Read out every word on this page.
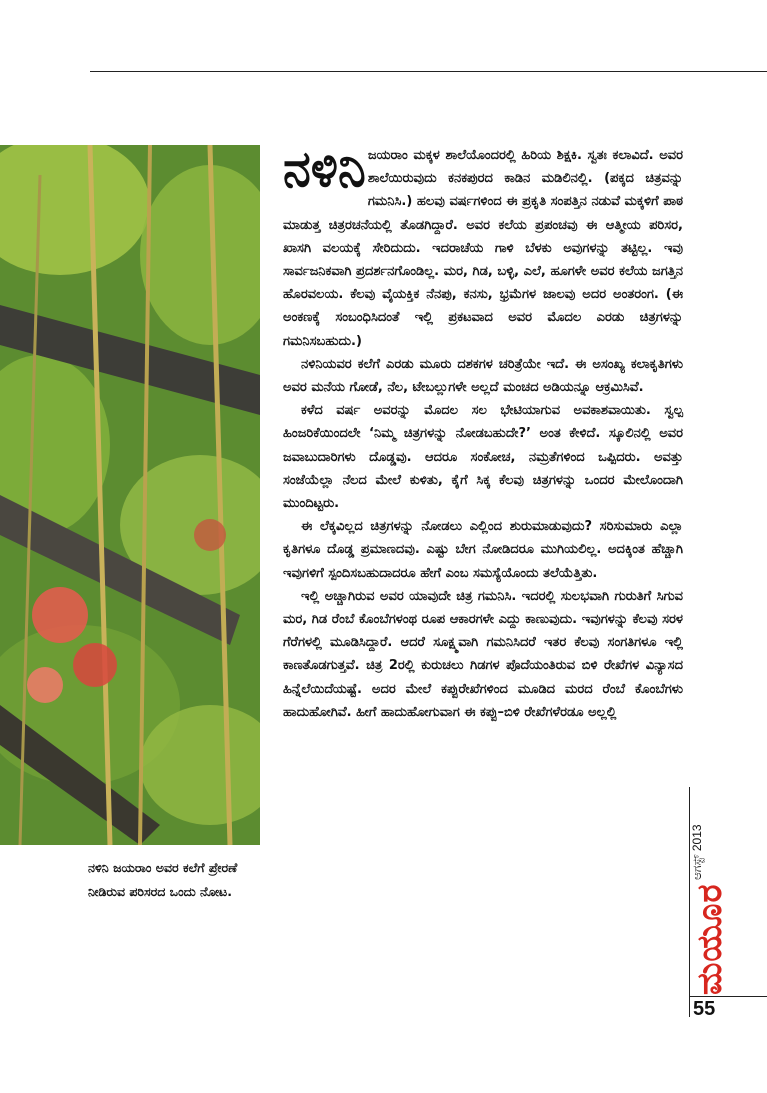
ನಳಿನಿ ಜಯರಾಂ ಅವರ ಕಲೆಗೆ ಪ್ರೇರಣೆ ನೀಡಿರುವ ಪರಿಸರದ ಒಂದು ನೋಟ.
ನಳಿನಿ ಜಯರಾಂ ಮಕ್ಕಳ ಶಾಲೆಯೊಂದರಲ್ಲಿ ಹಿರಿಯ ಶಿಕ್ಷಕಿ. ಸ್ವತಃ ಕಲಾವಿದೆ. ಅವರ ಶಾಲೆಯಿರುವುದು ಕನಕಪುರದ ಕಾಡಿನ ಮಡಿಲಿನಲ್ಲಿ. (ಪಕ್ಕದ ಚಿತ್ರವನ್ನು ಗಮನಿಸಿ.) ಹಲವು ವರ್ಷಗಳಿಂದ ಈ ಪ್ರಕೃತಿ ಸಂಪತ್ತಿನ ನಡುವೆ ಮಕ್ಕಳಿಗೆ ಪಾಠ ಮಾಡುತ್ತ ಚಿತ್ರರಚನೆಯಲ್ಲಿ ತೊಡಗಿದ್ದಾರೆ. ಅವರ ಕಲೆಯ ಪ್ರಪಂಚವು ಈ ಆತ್ಮೀಯ ಪರಿಸರ, ಖಾಸಗಿ ವಲಯಕ್ಕೆ ಸೇರಿದುದು. ಇದರಾಚೆಯ ಗಾಳಿ ಬೆಳಕು ಅವುಗಳನ್ನು ತಟ್ಟಿಲ್ಲ. ಇವು ಸಾರ್ವಜನಿಕವಾಗಿ ಪ್ರದರ್ಶನಗೊಂಡಿಲ್ಲ. ಮರ, ಗಿಡ, ಬಳ್ಳಿ, ಎಲೆ, ಹೂಗಳೇ ಅವರ ಕಲೆಯ ಜಗತ್ತಿನ ಹೊರವಲಯ. ಕೆಲವು ವೈಯಕ್ತಿಕ ನೆನಪು, ಕನಸು, ಭ್ರಮೆಗಳ ಜಾಲವು ಅದರ ಅಂತರಂಗ. (ಈ ಅಂಕಣಕ್ಕೆ ಸಂಬಂಧಿಸಿದಂತೆ ಇಲ್ಲಿ ಪ್ರಕಟವಾದ ಅವರ ಮೊದಲ ಎರಡು ಚಿತ್ರಗಳನ್ನು ಗಮನಿಸಬಹುದು.)

ನಳಿನಿಯವರ ಕಲೆಗೆ ಎರಡು ಮೂರು ದಶಕಗಳ ಚರಿತ್ರೆಯೇ ಇದೆ. ಈ ಅಸಂಖ್ಯ ಕಲಾಕೃತಿಗಳು ಅವರ ಮನೆಯ ಗೋಡೆ, ನೆಲ, ಟೇಬಲ್ಲುಗಳೇ ಅಲ್ಲದೆ ಮಂಚದ ಅಡಿಯನ್ನೂ ಆಕ್ರಮಿಸಿವೆ.

ಕಳೆದ ವರ್ಷ ಅವರನ್ನು ಮೊದಲ ಸಲ ಭೇಟಿಯಾಗುವ ಅವಕಾಶವಾಯಿತು. ಸ್ವಲ್ಪ ಹಿಂಜರಿಕೆಯಿಂದಲೇ ‘ನಿಮ್ಮ ಚಿತ್ರಗಳನ್ನು ನೋಡಬಹುದೇ?’ ಅಂತ ಕೇಳಿದೆ. ಸ್ಕೂಲಿನಲ್ಲಿ ಅವರ ಜವಾಬುದಾರಿಗಳು ದೊಡ್ಡವು. ಆದರೂ ಸಂಕೋಚ, ನಮ್ರತೆಗಳಿಂದ ಒಪ್ಪಿದರು. ಅವತ್ತು ಸಂಜೆಯೆಲ್ಲಾ ನೆಲದ ಮೇಲೆ ಕುಳಿತು, ಕೈಗೆ ಸಿಕ್ಕ ಕೆಲವು ಚಿತ್ರಗಳನ್ನು ಒಂದರ ಮೇಲೊಂದಾಗಿ ಮುಂದಿಟ್ಟರು.

ಈ ಲೆಕ್ಕವಿಲ್ಲದ ಚಿತ್ರಗಳನ್ನು ನೋಡಲು ಎಲ್ಲಿಂದ ಶುರುಮಾಡುವುದು? ಸರಿಸುಮಾರು ಎಲ್ಲಾ ಕೃತಿಗಳೂ ದೊಡ್ಡ ಪ್ರಮಾಣದವು. ಎಷ್ಟು ಬೇಗ ನೋಡಿದರೂ ಮುಗಿಯಲಿಲ್ಲ. ಅದಕ್ಕಿಂತ ಹೆಚ್ಚಾಗಿ ಇವುಗಳಿಗೆ ಸ್ಪಂದಿಸಬಹುದಾದರೂ ಹೇಗೆ ಎಂಬ ಸಮಸ್ಯೆಯೊಂದು ತಲೆಯೆತ್ತಿತು.

ಇಲ್ಲಿ ಅಚ್ಚಾಗಿರುವ ಅವರ ಯಾವುದೇ ಚಿತ್ರ ಗಮನಿಸಿ. ಇದರಲ್ಲಿ ಸುಲಭವಾಗಿ ಗುರುತಿಗೆ ಸಿಗುವ ಮರ, ಗಿಡ ರೆಂಬೆ ಕೊಂಬೆಗಳಂಥ ರೂಪ ಆಕಾರಗಳೇ ಎದ್ದು ಕಾಣುವುದು. ಇವುಗಳನ್ನು ಕೆಲವು ಸರಳ ಗೆರೆಗಳಲ್ಲಿ ಮೂಡಿಸಿದ್ದಾರೆ. ಆದರೆ ಸೂಕ್ಷ್ಮವಾಗಿ ಗಮನಿಸಿದರೆ ಇತರ ಕೆಲವು ಸಂಗತಿಗಳೂ ಇಲ್ಲಿ ಕಾಣತೊಡಗುತ್ತವೆ. ಚಿತ್ರ 2ರಲ್ಲಿ ಕುರುಚಲು ಗಿಡಗಳ ಪೊದೆಯಂತಿರುವ ಬಿಳಿ ರೇಖೆಗಳ ವಿನ್ಯಾಸದ ಹಿನ್ನೆಲೆಯಿದೆಯಷ್ಟೆ. ಅದರ ಮೇಲೆ ಕಪ್ಪುರೇಖೆಗಳಿಂದ ಮೂಡಿದ ಮರದ ರೆಂಬೆ ಕೊಂಬೆಗಳು ಹಾದುಹೋಗಿವೆ. ಹೀಗೆ ಹಾದುಹೋಗುವಾಗ ಈ ಕಪ್ಪು–ಬಿಳಿ ರೇಖೆಗಳೆರಡೂ ಅಲ್ಲಲ್ಲಿ

ಮಯೂರ
ಆಗಸ್ಟ್ 2013
55
